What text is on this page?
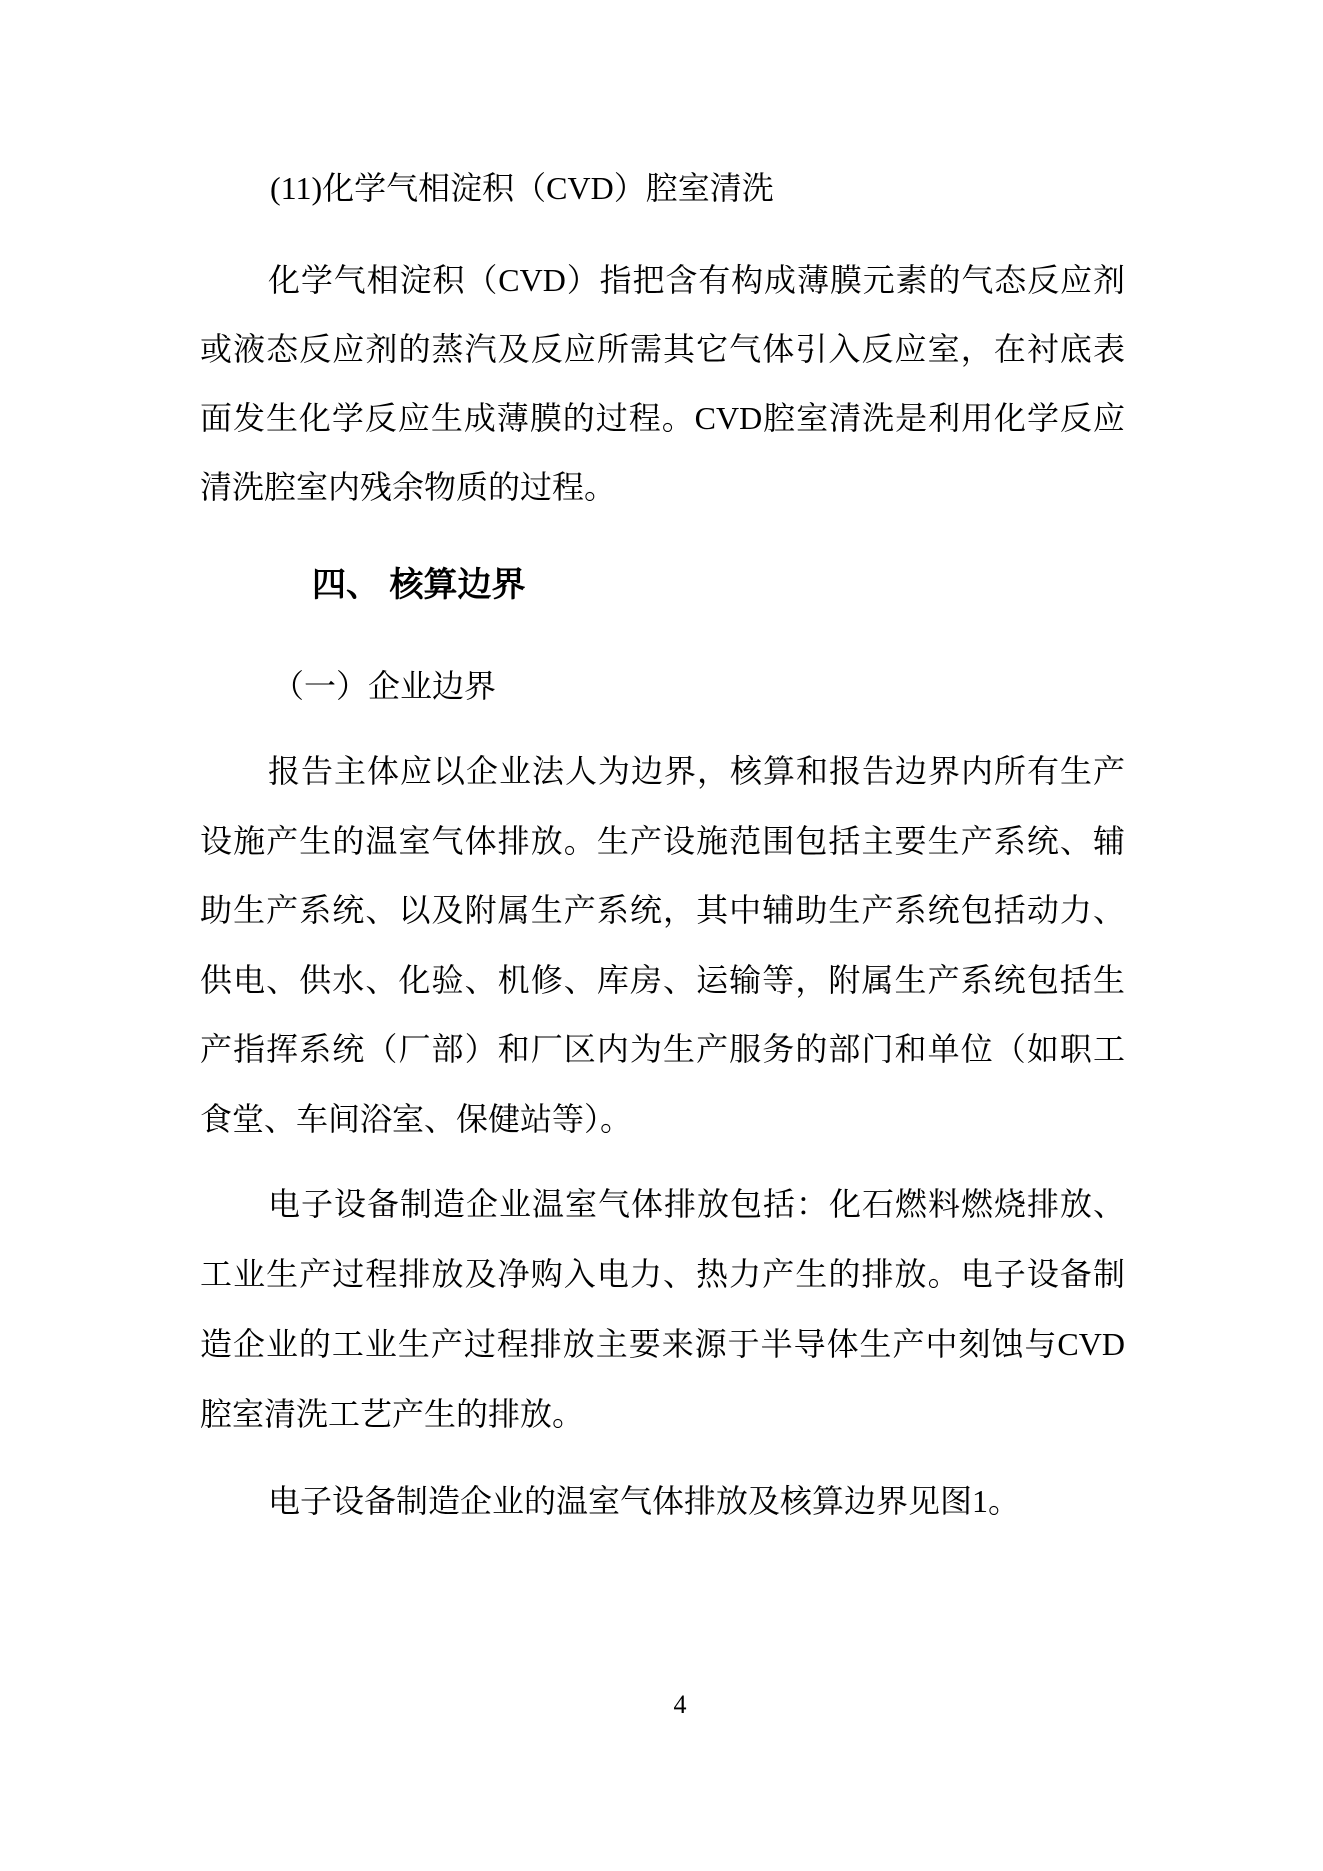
(11)化学气相淀积（CVD）腔室清洗
化学气相淀积（CVD）指把含有构成薄膜元素的气态反应剂
或液态反应剂的蒸汽及反应所需其它气体引入反应室，在衬底表
面发生化学反应生成薄膜的过程。CVD腔室清洗是利用化学反应
清洗腔室内残余物质的过程。
四、 核算边界
（一）企业边界
报告主体应以企业法人为边界，核算和报告边界内所有生产
设施产生的温室气体排放。生产设施范围包括主要生产系统、辅
助生产系统、以及附属生产系统，其中辅助生产系统包括动力、
供电、供水、化验、机修、库房、运输等，附属生产系统包括生
产指挥系统（厂部）和厂区内为生产服务的部门和单位（如职工
食堂、车间浴室、保健站等）。
电子设备制造企业温室气体排放包括：化石燃料燃烧排放、
工业生产过程排放及净购入电力、热力产生的排放。电子设备制
造企业的工业生产过程排放主要来源于半导体生产中刻蚀与CVD
腔室清洗工艺产生的排放。
电子设备制造企业的温室气体排放及核算边界见图1。
4
